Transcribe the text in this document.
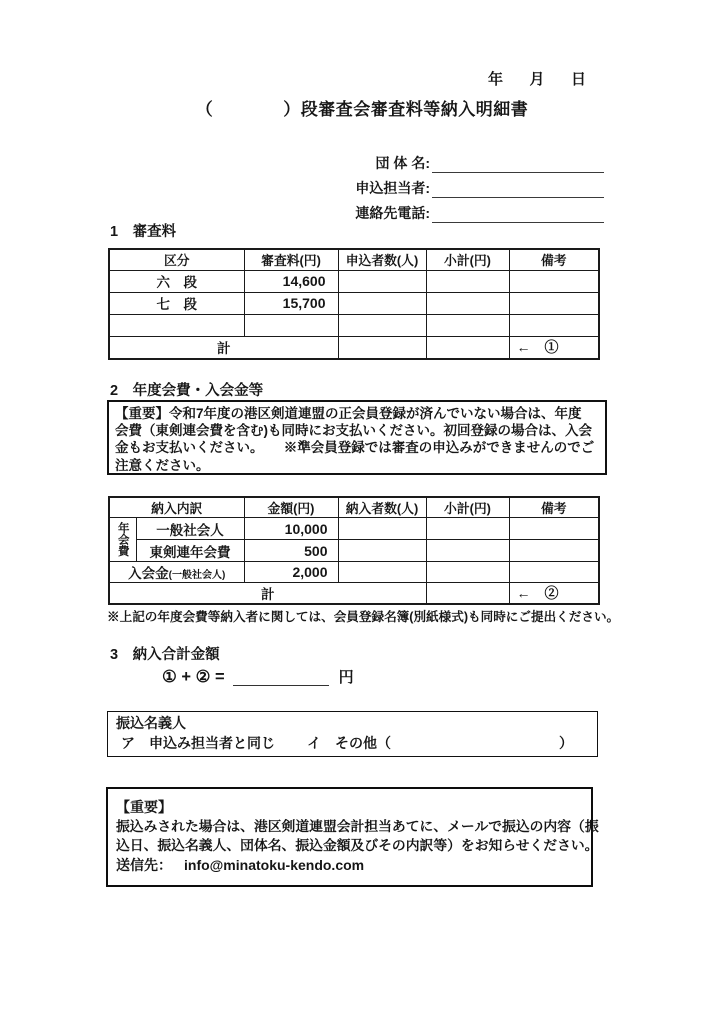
年 月 日
（　　　　）段審査会審査料等納入明細書
団 体 名:
申込担当者:
連絡先電話:
1　審査料
区分	審査料(円)	申込者数(人)	小計(円)	備考
六　段	14,600			
七　段	15,700			

計				←　①
2　年度会費・入会金等
【重要】令和7年度の港区剣道連盟の正会員登録が済んでいない場合は、年度
会費（東剣連会費を含む)も同時にお支払いください。初回登録の場合は、入会
金もお支払いください。　　※準会員登録では審査の申込みができませんのでご
注意ください。
納入内訳		金額(円)	納入者数(人)	小計(円)	備考
年会費	一般社会人	10,000			
	東剣連年会費	500			
入会金(一般社会人)		2,000			
計					←　②
※上記の年度会費等納入者に関しては、会員登録名簿(別紙様式)も同時にご提出ください。
3　納入合計金額
① + ② =	円
振込名義人
ア　申込み担当者と同じ イ　その他（	）
【重要】
振込みされた場合は、港区剣道連盟会計担当あてに、メールで振込の内容（振
込日、振込名義人、団体名、振込金額及びその内訳等）をお知らせください。
送信先： info@minatoku-kendo.com
